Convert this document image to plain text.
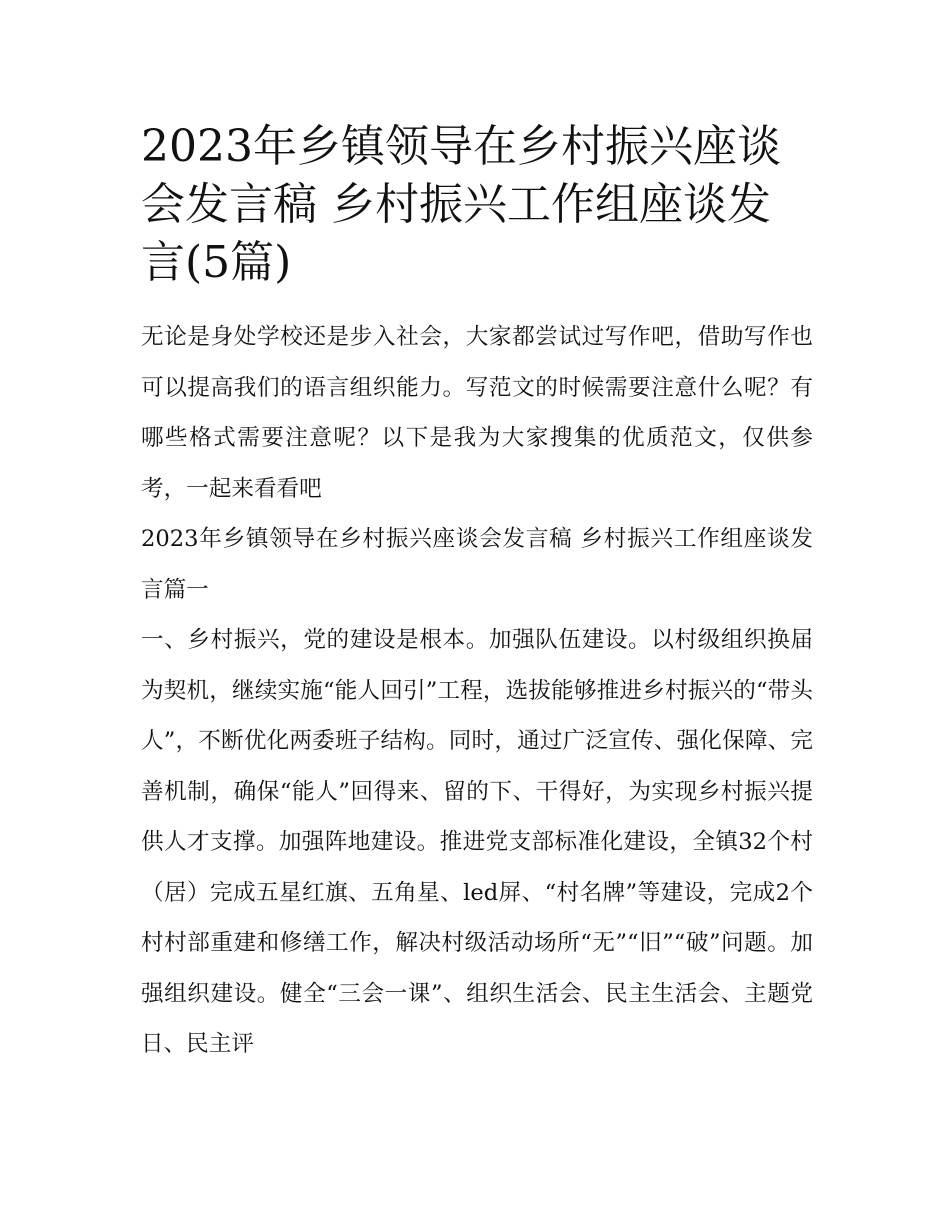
2023年乡镇领导在乡村振兴座谈会发言稿 乡村振兴工作组座谈发言(5篇)

无论是身处学校还是步入社会，大家都尝试过写作吧，借助写作也可以提高我们的语言组织能力。写范文的时候需要注意什么呢？有哪些格式需要注意呢？以下是我为大家搜集的优质范文，仅供参考，一起来看看吧

2023年乡镇领导在乡村振兴座谈会发言稿 乡村振兴工作组座谈发言篇一

一、乡村振兴，党的建设是根本。加强队伍建设。以村级组织换届为契机，继续实施“能人回引”工程，选拔能够推进乡村振兴的“带头人”，不断优化两委班子结构。同时，通过广泛宣传、强化保障、完善机制，确保“能人”回得来、留的下、干得好，为实现乡村振兴提供人才支撑。加强阵地建设。推进党支部标准化建设，全镇32个村（居）完成五星红旗、五角星、led屏、“村名牌”等建设，完成2个村村部重建和修缮工作，解决村级活动场所“无”“旧”“破”问题。加强组织建设。健全“三会一课”、组织生活会、民主生活会、主题党日、民主评
